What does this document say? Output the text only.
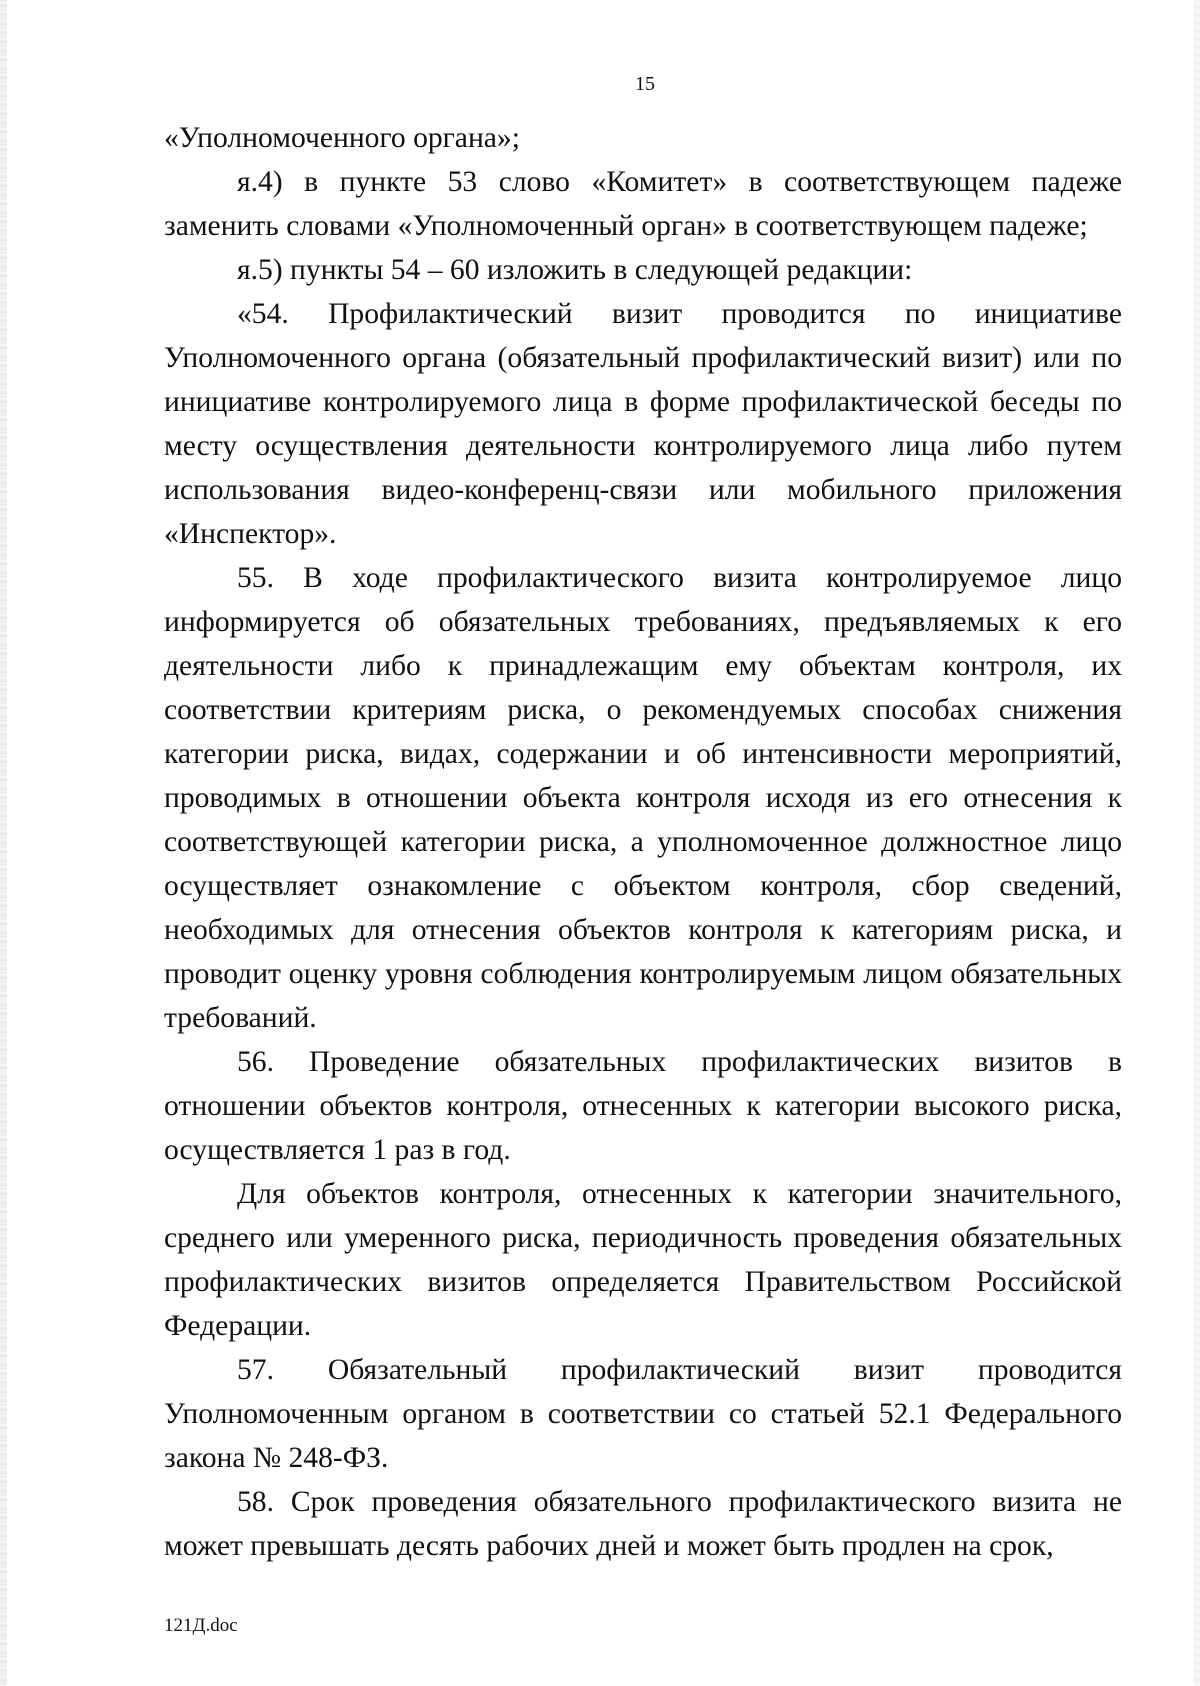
15

«Уполномоченного органа»;

я.4) в пункте 53 слово «Комитет» в соответствующем падеже заменить словами «Уполномоченный орган» в соответствующем падеже;

я.5) пункты 54 – 60 изложить в следующей редакции:

«54. Профилактический визит проводится по инициативе Уполномоченного органа (обязательный профилактический визит) или по инициативе контролируемого лица в форме профилактической беседы по месту осуществления деятельности контролируемого лица либо путем использования видео-конференц-связи или мобильного приложения «Инспектор».

55. В ходе профилактического визита контролируемое лицо информируется об обязательных требованиях, предъявляемых к его деятельности либо к принадлежащим ему объектам контроля, их соответствии критериям риска, о рекомендуемых способах снижения категории риска, видах, содержании и об интенсивности мероприятий, проводимых в отношении объекта контроля исходя из его отнесения к соответствующей категории риска, а уполномоченное должностное лицо осуществляет ознакомление с объектом контроля, сбор сведений, необходимых для отнесения объектов контроля к категориям риска, и проводит оценку уровня соблюдения контролируемым лицом обязательных требований.

56. Проведение обязательных профилактических визитов в отношении объектов контроля, отнесенных к категории высокого риска, осуществляется 1 раз в год.

Для объектов контроля, отнесенных к категории значительного, среднего или умеренного риска, периодичность проведения обязательных профилактических визитов определяется Правительством Российской Федерации.

57. Обязательный профилактический визит проводится Уполномоченным органом в соответствии со статьей 52.1 Федерального закона № 248-ФЗ.

58. Срок проведения обязательного профилактического визита не может превышать десять рабочих дней и может быть продлен на срок,

121Д.doc
